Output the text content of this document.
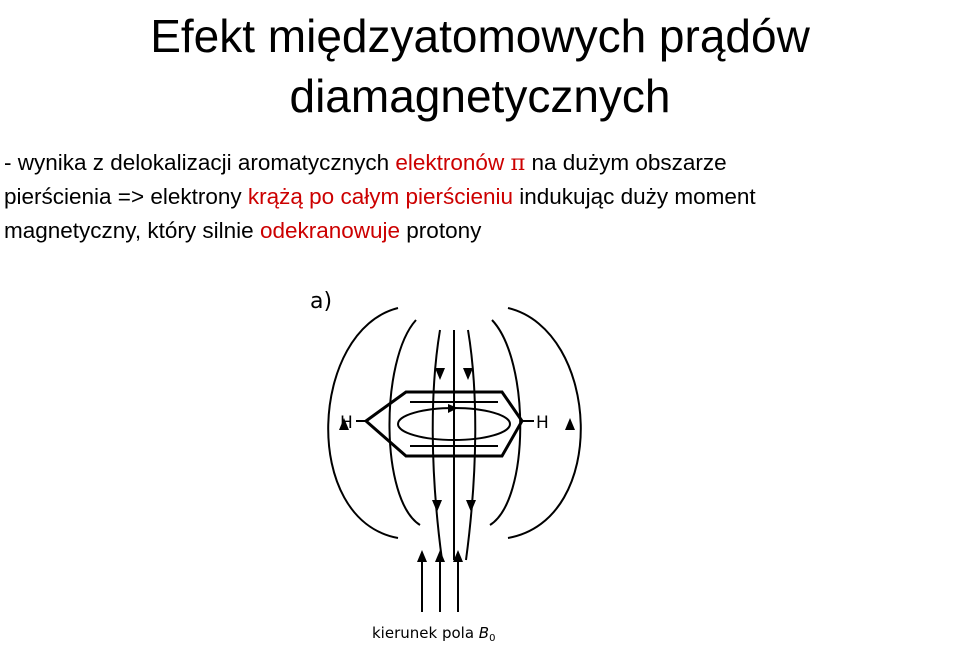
Efekt międzyatomowych prądów
diamagnetycznych
- wynika z delokalizacji aromatycznych elektronów π na dużym obszarze
pierścienia => elektrony krążą po całym pierścieniu indukując duży moment
magnetyczny, który silnie odekranowuje protony
a)
H	H
kierunek pola $B_0$
